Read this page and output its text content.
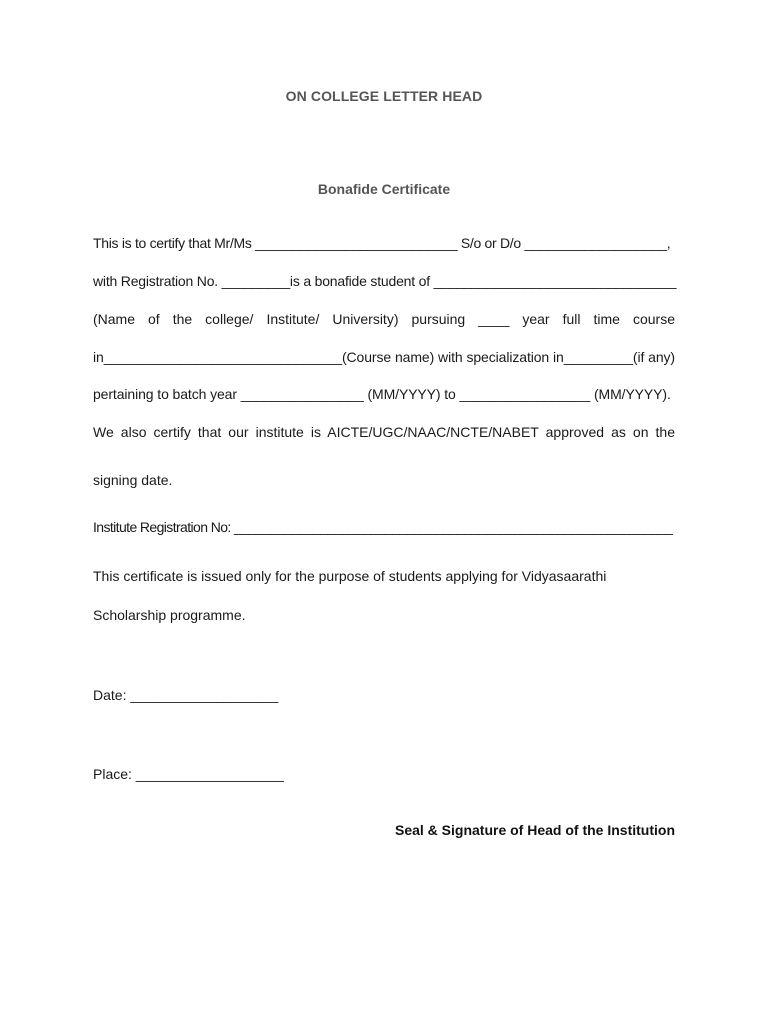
ON COLLEGE LETTER HEAD
Bonafide Certificate
This is to certify that Mr/Ms ___________________________ S/o or D/o ___________________,
with Registration No. _________is a bonafide student of ________________________________
(Name of the college/ Institute/ University) pursuing ____ year full time course
in_______________________________(Course name) with specialization in_________(if any)
pertaining to batch year ________________ (MM/YYYY) to _________________ (MM/YYYY).
We also certify that our institute is AICTE/UGC/NAAC/NCTE/NABET approved as on the
signing date.
Institute Registration No: _____________________________________________________________
This certificate is issued only for the purpose of students applying for Vidyasaarathi
Scholarship programme.
Date: ___________________
Place: ___________________
Seal & Signature of Head of the Institution
